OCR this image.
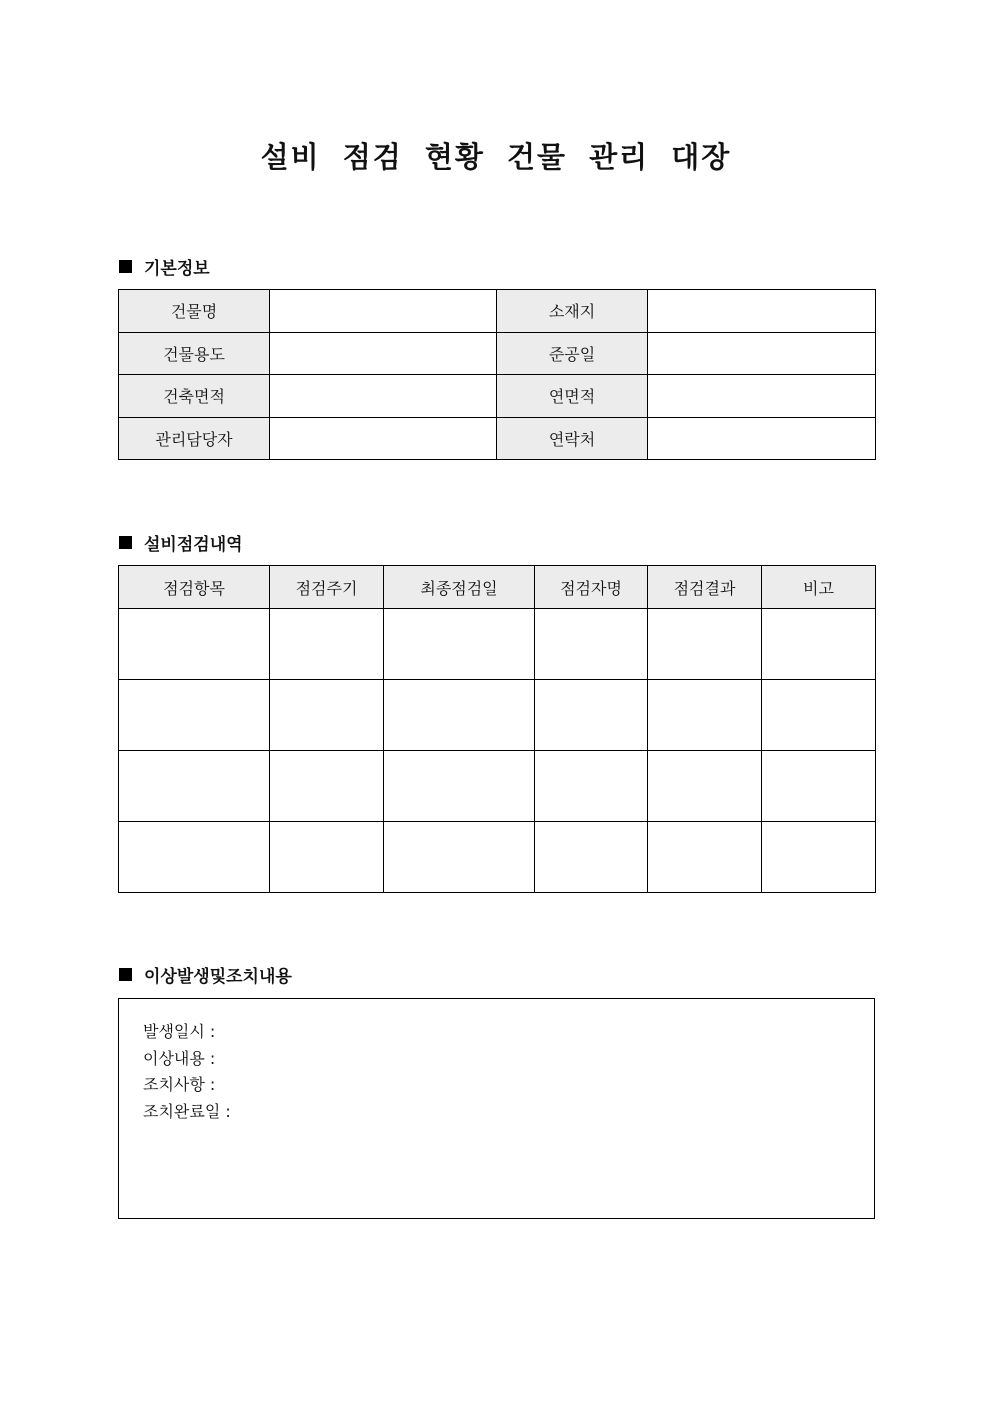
설비 점검 현황 건물 관리 대장
기본정보
건물명		소재지	
건물용도		준공일	
건축면적		연면적	
관리담당자		연락처	
설비점검내역
점검항목	점검주기	최종점검일	점검자명	점검결과	비고

이상발생및조치내용
발생일시 :
이상내용 :
조치사항 :
조치완료일 :
